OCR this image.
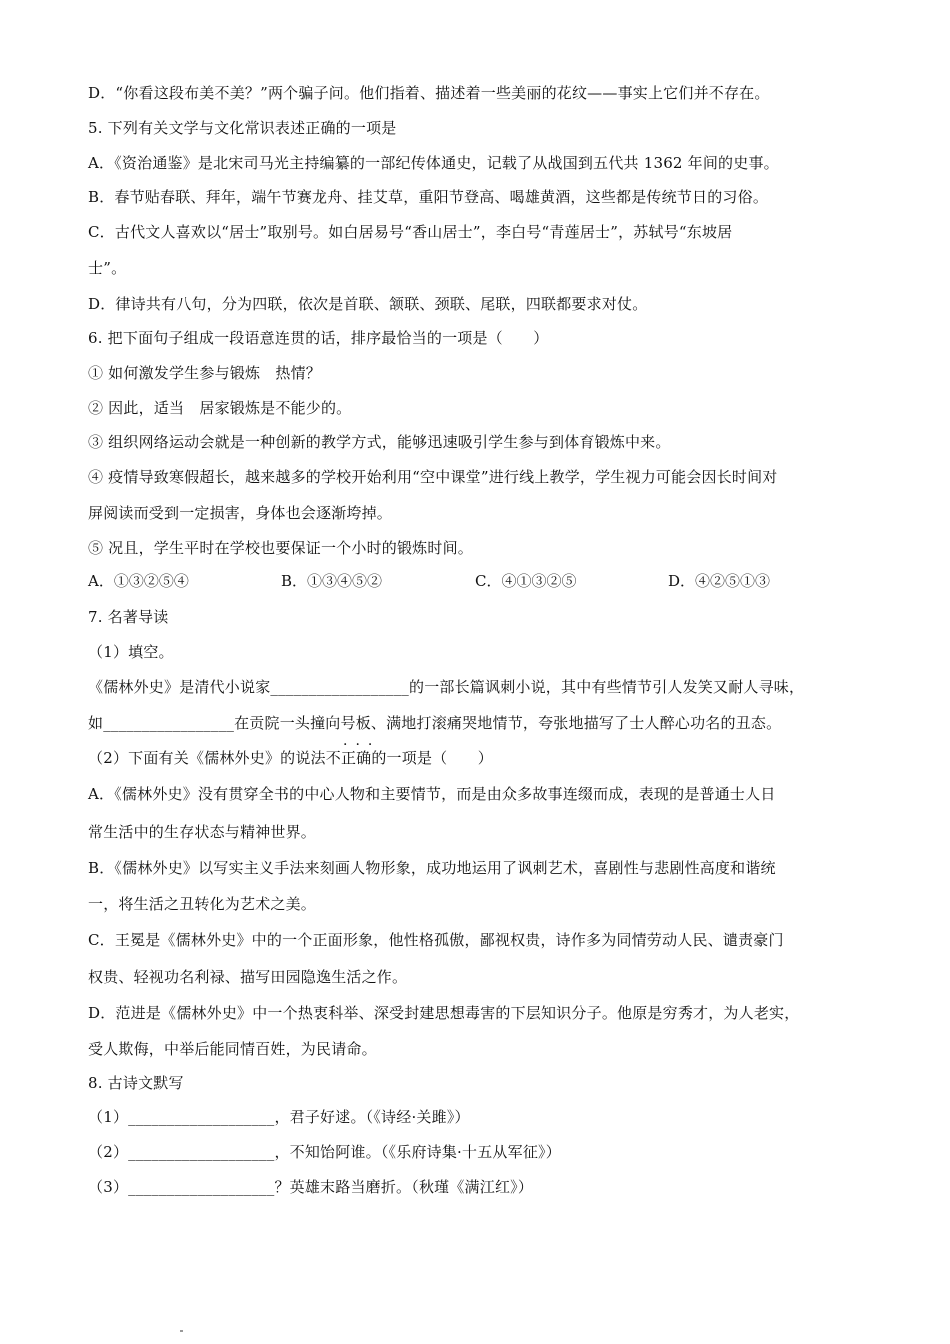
D．“你看这段布美不美？”两个骗子问。他们指着、描述着一些美丽的花纹——事实上它们并不存在。
5. 下列有关文学与文化常识表述正确的一项是
A．《资治通鉴》是北宋司马光主持编纂的一部纪传体通史，记载了从战国到五代共 1362 年间的史事。
B．春节贴春联、拜年，端午节赛龙舟、挂艾草，重阳节登高、喝雄黄酒，这些都是传统节日的习俗。
C．古代文人喜欢以“居士”取别号。如白居易号“香山居士”，李白号“青莲居士”，苏轼号“东坡居
士”。
D．律诗共有八句，分为四联，依次是首联、颔联、颈联、尾联，四联都要求对仗。
6. 把下面句子组成一段语意连贯的话，排序最恰当的一项是（　　）
① 如何激发学生参与锻炼　热情？
② 因此，适当　居家锻炼是不能少的。
③ 组织网络运动会就是一种创新的教学方式，能够迅速吸引学生参与到体育锻炼中来。
④ 疫情导致寒假超长，越来越多的学校开始利用“空中课堂”进行线上教学，学生视力可能会因长时间对
屏阅读而受到一定损害，身体也会逐渐垮掉。
⑤ 况且，学生平时在学校也要保证一个小时的锻炼时间。
A．①③②⑤④	B．①③④⑤②	C．④①③②⑤	D．④②⑤①③
7. 名著导读
（1）填空。
《儒林外史》是清代小说家__________________的一部长篇讽刺小说，其中有些情节引人发笑又耐人寻味，
如_________________在贡院一头撞向号板、满地打滚痛哭地情节，夸张地描写了士人醉心功名的丑态。
···
（2）下面有关《儒林外史》的说法不正确的一项是（　　）
A．《儒林外史》没有贯穿全书的中心人物和主要情节，而是由众多故事连缀而成，表现的是普通士人日
常生活中的生存状态与精神世界。
B．《儒林外史》以写实主义手法来刻画人物形象，成功地运用了讽刺艺术，喜剧性与悲剧性高度和谐统
一，将生活之丑转化为艺术之美。
C．王冕是《儒林外史》中的一个正面形象，他性格孤傲，鄙视权贵，诗作多为同情劳动人民、谴责豪门
权贵、轻视功名利禄、描写田园隐逸生活之作。
D．范进是《儒林外史》中一个热衷科举、深受封建思想毒害的下层知识分子。他原是穷秀才，为人老实，
受人欺侮，中举后能同情百姓，为民请命。
8. 古诗文默写
（1）___________________，君子好逑。（《诗经·关雎》）
（2）___________________，不知饴阿谁。（《乐府诗集·十五从军征》）
（3）___________________？英雄末路当磨折。（秋瑾《满江红》）
